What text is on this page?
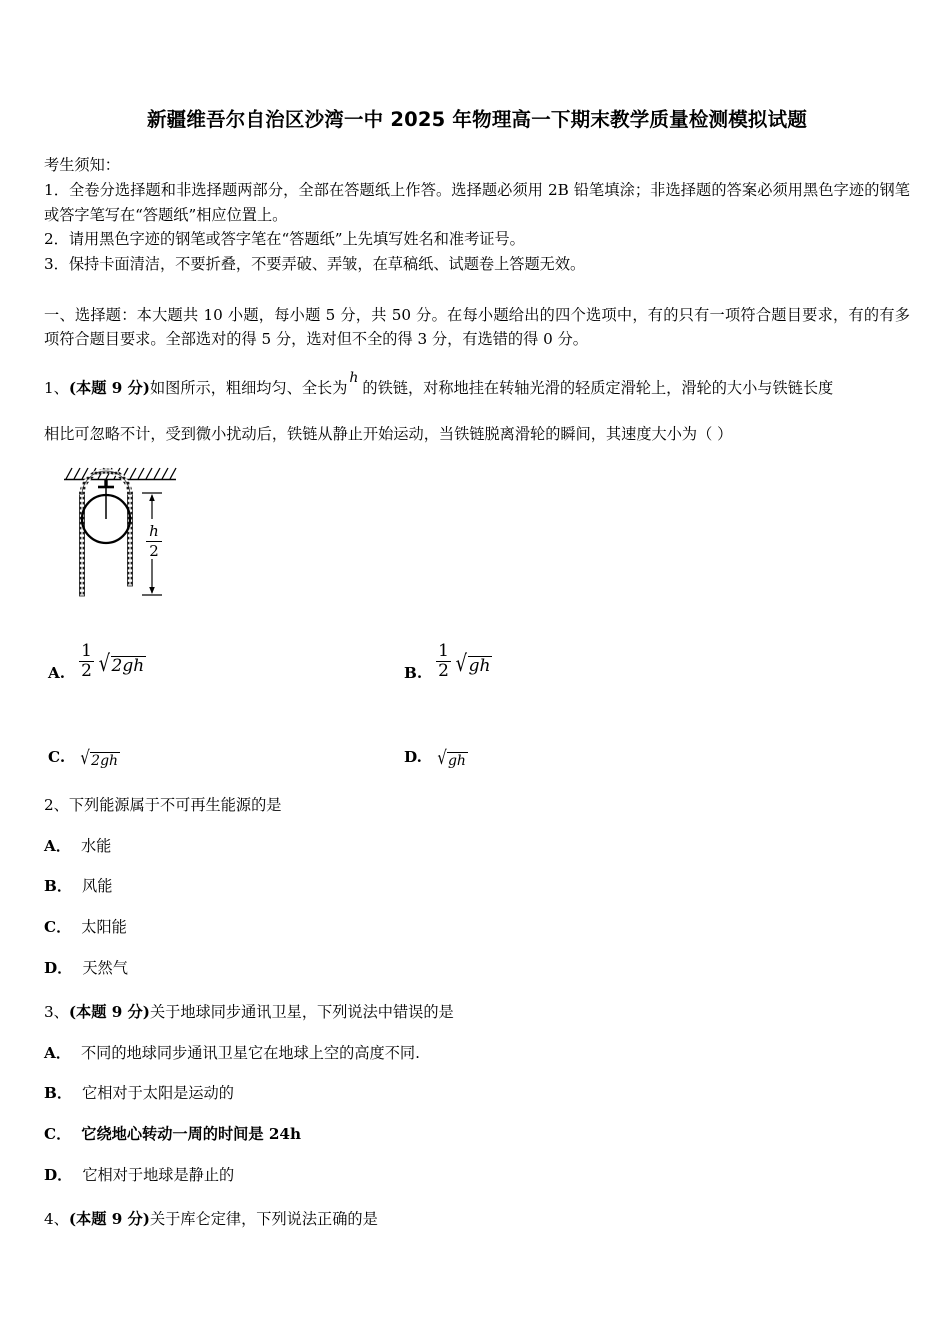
新疆维吾尔自治区沙湾一中 2025 年物理高一下期末教学质量检测模拟试题

考生须知：

1．全卷分选择题和非选择题两部分，全部在答题纸上作答。选择题必须用 2B 铅笔填涂；非选择题的答案必须用黑色字迹的钢笔或答字笔写在“答题纸”相应位置上。

2．请用黑色字迹的钢笔或答字笔在“答题纸”上先填写姓名和准考证号。

3．保持卡面清洁，不要折叠，不要弄破、弄皱，在草稿纸、试题卷上答题无效。

一、选择题：本大题共 10 小题，每小题 5 分，共 50 分。在每小题给出的四个选项中，有的只有一项符合题目要求，有的有多项符合题目要求。全部选对的得 5 分，选对但不全的得 3 分，有选错的得 0 分。
1、(本题 9 分)如图所示，粗细均匀、全长为h的铁链，对称地挂在转轴光滑的轻质定滑轮上，滑轮的大小与铁链长度
相比可忽略不计，受到微小扰动后，铁链从静止开始运动，当铁链脱离滑轮的瞬间，其速度大小为（ ）
h
2
A. $\frac{1}{2}$ √ 2gh	B. $\frac{1}{2}$ √ gh
C. √ 2gh	D. √ gh
2、下列能源属于不可再生能源的是
A． 水能
B． 风能
C． 太阳能
D． 天然气
3、(本题 9 分)关于地球同步通讯卫星，下列说法中错误的是
A． 不同的地球同步通讯卫星它在地球上空的高度不同.
B． 它相对于太阳是运动的
C． 它绕地心转动一周的时间是 24h
D． 它相对于地球是静止的
4、(本题 9 分)关于库仑定律，下列说法正确的是
